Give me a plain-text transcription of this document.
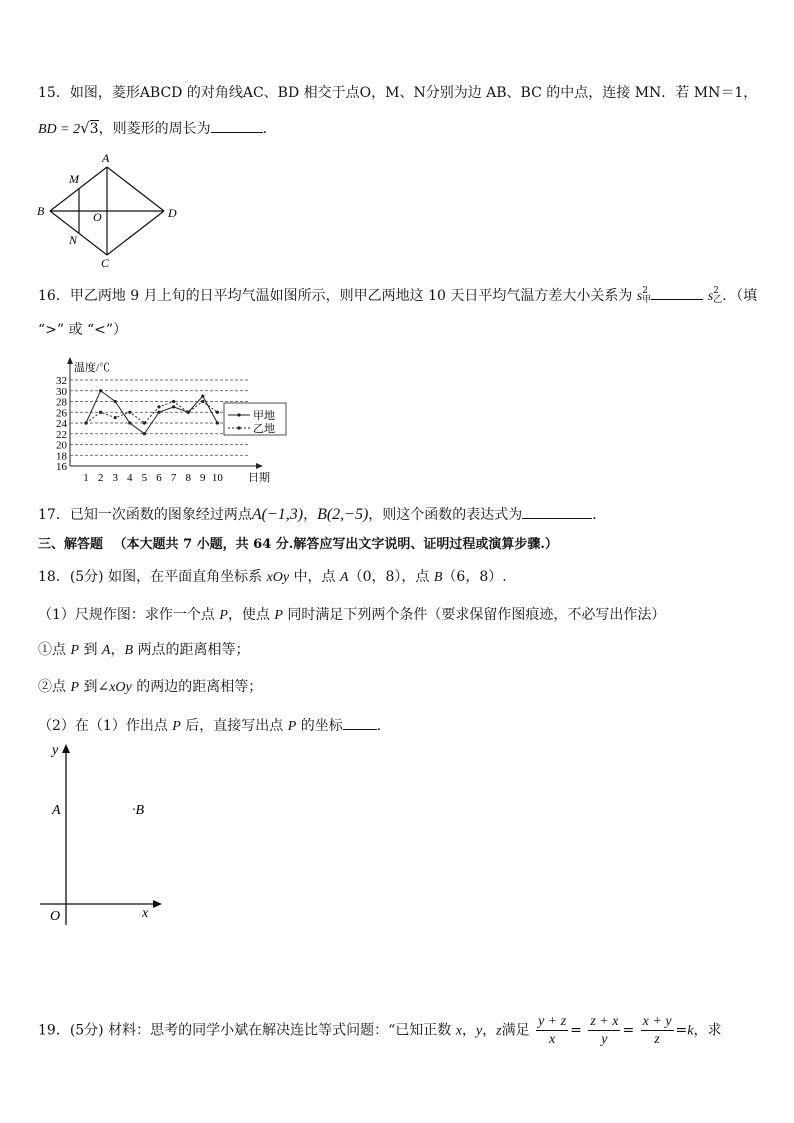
15．如图，菱形ABCD 的对角线AC、BD 相交于点O，M、N分别为边 AB、BC 的中点，连接 MN．若 MN＝1，
BD = 2√3，则菱形的周长为	.
A
B
C
D
M
N
O
16．甲乙两地 9 月上旬的日平均气温如图所示，则甲乙两地这 10 天日平均气温方差大小关系为 s 2
甲	s 2
乙 ．（填
“>” 或 “<”）
温度/℃
日期
16
18
20
22
24
26
28
30
32
1 2 3 4 5 6 7 8 9 10
甲地
乙地
17．已知一次函数的图象经过两点A(−1,3)，B(2,−5)，则这个函数的表达式为	．
三、解答题 （本大题共 7 小题，共 64 分.解答应写出文字说明、证明过程或演算步骤.）
18．(5分) 如图，在平面直角坐标系 xOy 中，点 A（0，8），点 B（6，8）.
（1）尺规作图：求作一个点 P，使点 P 同时满足下列两个条件（要求保留作图痕迹，不必写出作法）
①点 P 到 A，B 两点的距离相等；
②点 P 到∠xOy 的两边的距离相等；
（2）在（1）作出点 P 后，直接写出点 P 的坐标 ．
y
x
O
A	·B
19．(5分) 材料：思考的同学小斌在解决连比等式问题：“已知正数 x，y，z满足 $\frac{y + z}{x} = \frac{z + x}{y} = \frac{x + y}{z} =k$，求
